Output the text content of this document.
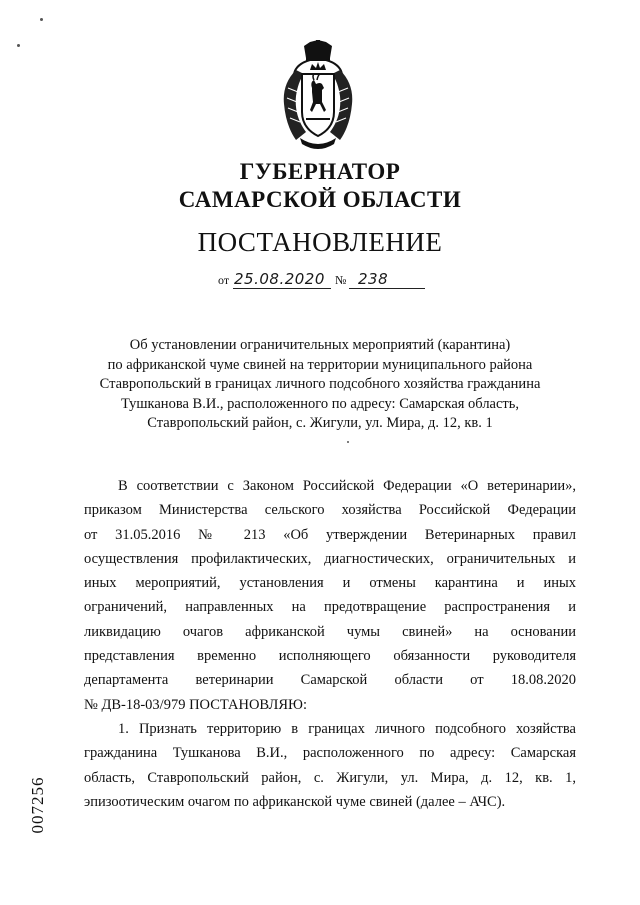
ГУБЕРНАТОР
САМАРСКОЙ ОБЛАСТИ
ПОСТАНОВЛЕНИЕ
от 25.08.2020 № 238
Об установлении ограничительных мероприятий (карантина)
по африканской чуме свиней на территории муниципального района
Ставропольский в границах личного подсобного хозяйства гражданина
Тушканова В.И., расположенного по адресу: Самарская область,
Ставропольский район, с. Жигули, ул. Мира, д. 12, кв. 1

В соответствии с Законом Российской Федерации «О ветеринарии»,

приказом Министерства сельского хозяйства Российской Федерации

от 31.05.2016 № 213 «Об утверждении Ветеринарных правил

осуществления профилактических, диагностических, ограничительных и

иных мероприятий, установления и отмены карантина и иных

ограничений, направленных на предотвращение распространения и

ликвидацию очагов африканской чумы свиней» на основании

представления временно исполняющего обязанности руководителя

департамента ветеринарии Самарской области от 18.08.2020

№ ДВ-18-03/979 ПОСТАНОВЛЯЮ:

1. Признать территорию в границах личного подсобного хозяйства

гражданина Тушканова В.И., расположенного по адресу: Самарская

область, Ставропольский район, с. Жигули, ул. Мира, д. 12, кв. 1,

эпизоотическим очагом по африканской чуме свиней (далее – АЧС).

007256
